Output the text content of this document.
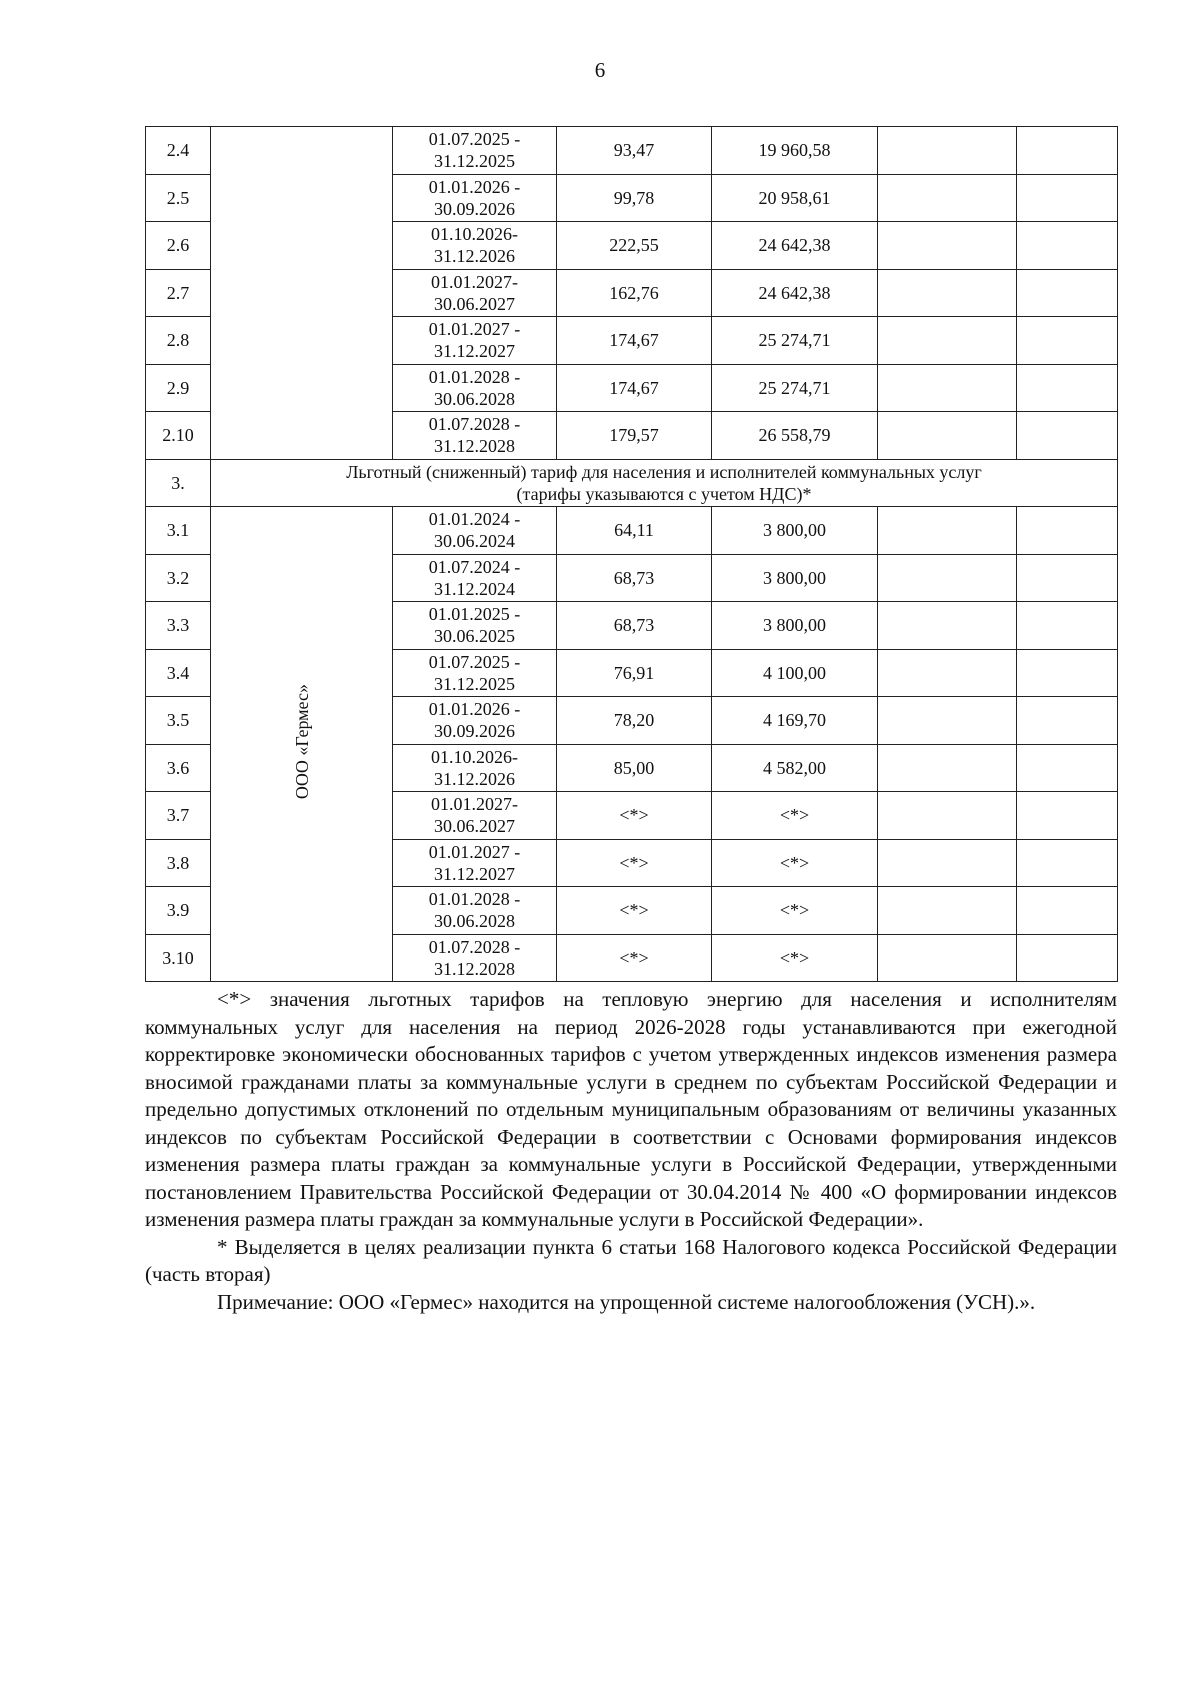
6
2.4		01.07.2025 -
31.12.2025	93,47	19 960,58		
2.5		01.01.2026 -
30.09.2026	99,78	20 958,61		
2.6		01.10.2026-
31.12.2026	222,55	24 642,38		
2.7		01.01.2027-
30.06.2027	162,76	24 642,38		
2.8		01.01.2027 -
31.12.2027	174,67	25 274,71		
2.9		01.01.2028 -
30.06.2028	174,67	25 274,71		
2.10		01.07.2028 -
31.12.2028	179,57	26 558,79		
3.	Льготный (сниженный) тариф для населения и исполнителей коммунальных услуг
(тарифы указываются с учетом НДС)*					

3.1	ООО «Гермес»	01.01.2024 -
30.06.2024	64,11	3 800,00		
3.2		01.07.2024 -
31.12.2024	68,73	3 800,00		
3.3		01.01.2025 -
30.06.2025	68,73	3 800,00		
3.4		01.07.2025 -
31.12.2025	76,91	4 100,00		
3.5		01.01.2026 -
30.09.2026	78,20	4 169,70		
3.6		01.10.2026-
31.12.2026	85,00	4 582,00		
3.7		01.01.2027-
30.06.2027	<*>	<*>		
3.8		01.01.2027 -
31.12.2027	<*>	<*>		
3.9		01.01.2028 -
30.06.2028	<*>	<*>		
3.10		01.07.2028 -
31.12.2028	<*>	<*>		

<*> значения льготных тарифов на тепловую энергию для населения и исполнителям коммунальных услуг для населения на период 2026-2028 годы устанавливаются при ежегодной корректировке экономически обоснованных тарифов с учетом утвержденных индексов изменения размера вносимой гражданами платы за коммунальные услуги в среднем по субъектам Российской Федерации и предельно допустимых отклонений по отдельным муниципальным образованиям от величины указанных индексов по субъектам Российской Федерации в соответствии с Основами формирования индексов изменения размера платы граждан за коммунальные услуги в Российской Федерации, утвержденными постановлением Правительства Российской Федерации от 30.04.2014 № 400 «О формировании индексов изменения размера платы граждан за коммунальные услуги в Российской Федерации».

* Выделяется в целях реализации пункта 6 статьи 168 Налогового кодекса Российской Федерации (часть вторая)

Примечание: ООО «Гермес» находится на упрощенной системе налогообложения (УСН).».
